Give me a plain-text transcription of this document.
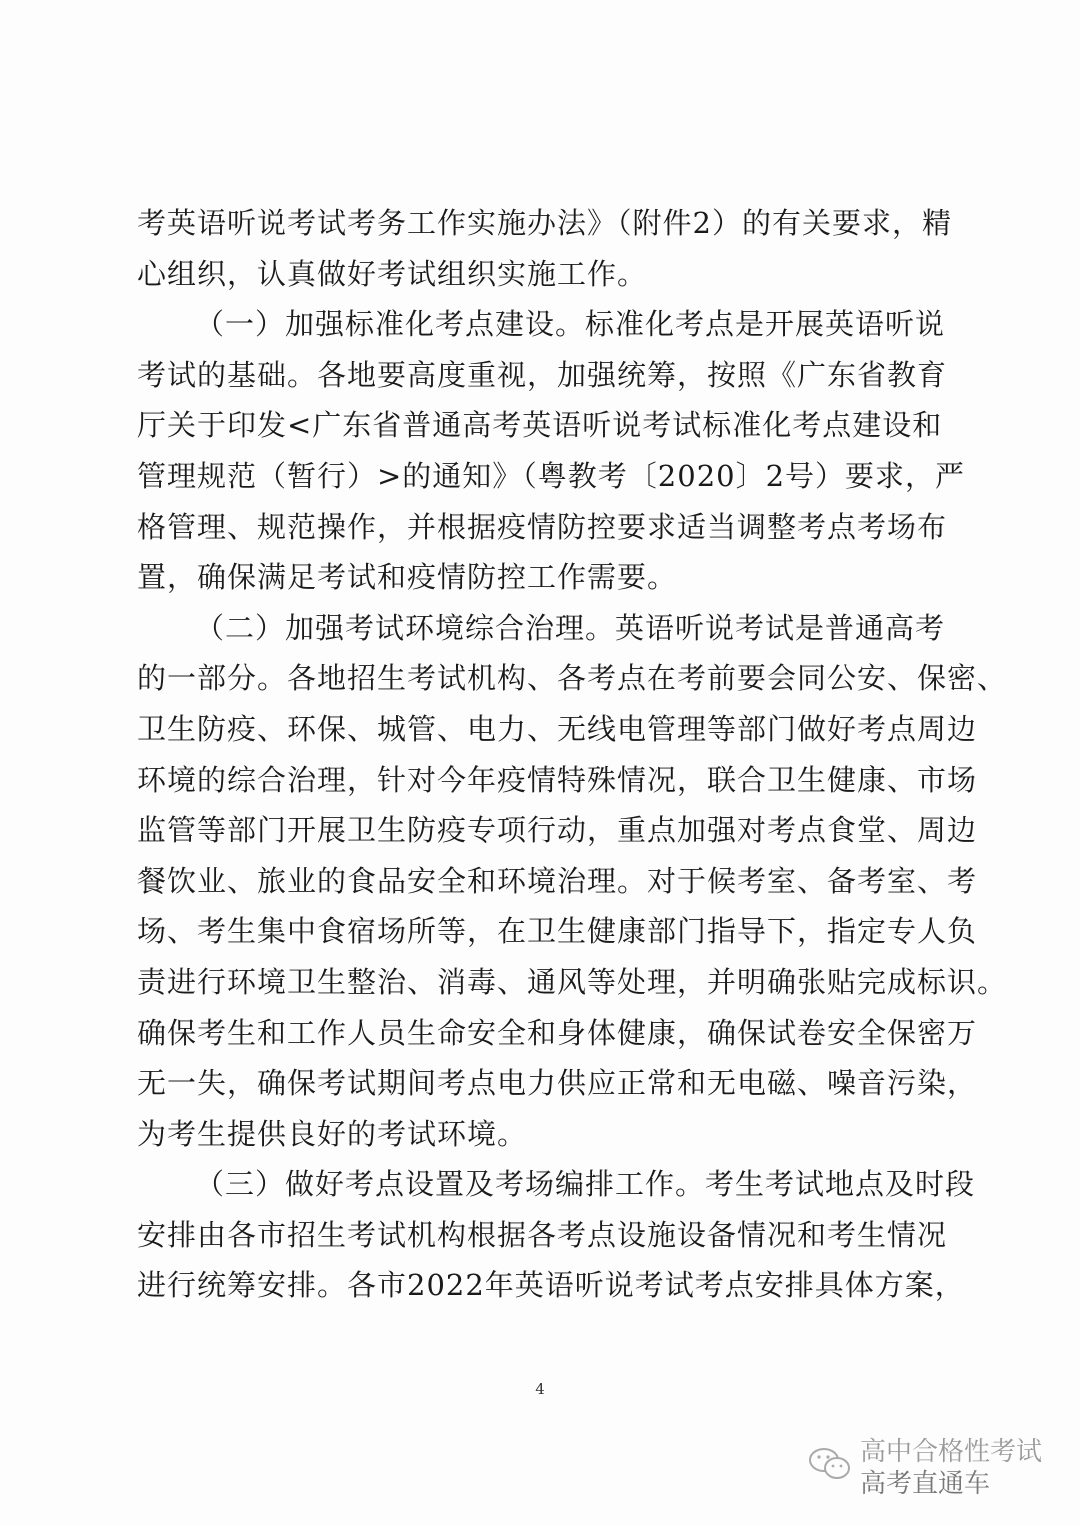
考英语听说考试考务工作实施办法》（附件2）的有关要求，精
心组织，认真做好考试组织实施工作。
（一）加强标准化考点建设。标准化考点是开展英语听说
考试的基础。各地要高度重视，加强统筹，按照《广东省教育
厅关于印发<广东省普通高考英语听说考试标准化考点建设和
管理规范（暂行）>的通知》（粤教考〔2020〕2号）要求，严
格管理、规范操作，并根据疫情防控要求适当调整考点考场布
置，确保满足考试和疫情防控工作需要。
（二）加强考试环境综合治理。英语听说考试是普通高考
的一部分。各地招生考试机构、各考点在考前要会同公安、保密、
卫生防疫、环保、城管、电力、无线电管理等部门做好考点周边
环境的综合治理，针对今年疫情特殊情况，联合卫生健康、市场
监管等部门开展卫生防疫专项行动，重点加强对考点食堂、周边
餐饮业、旅业的食品安全和环境治理。对于候考室、备考室、考
场、考生集中食宿场所等，在卫生健康部门指导下，指定专人负
责进行环境卫生整治、消毒、通风等处理，并明确张贴完成标识。
确保考生和工作人员生命安全和身体健康，确保试卷安全保密万
无一失，确保考试期间考点电力供应正常和无电磁、噪音污染，
为考生提供良好的考试环境。
（三）做好考点设置及考场编排工作。考生考试地点及时段
安排由各市招生考试机构根据各考点设施设备情况和考生情况
进行统筹安排。各市2022年英语听说考试考点安排具体方案，
4
高中合格性考试
高考直通车
